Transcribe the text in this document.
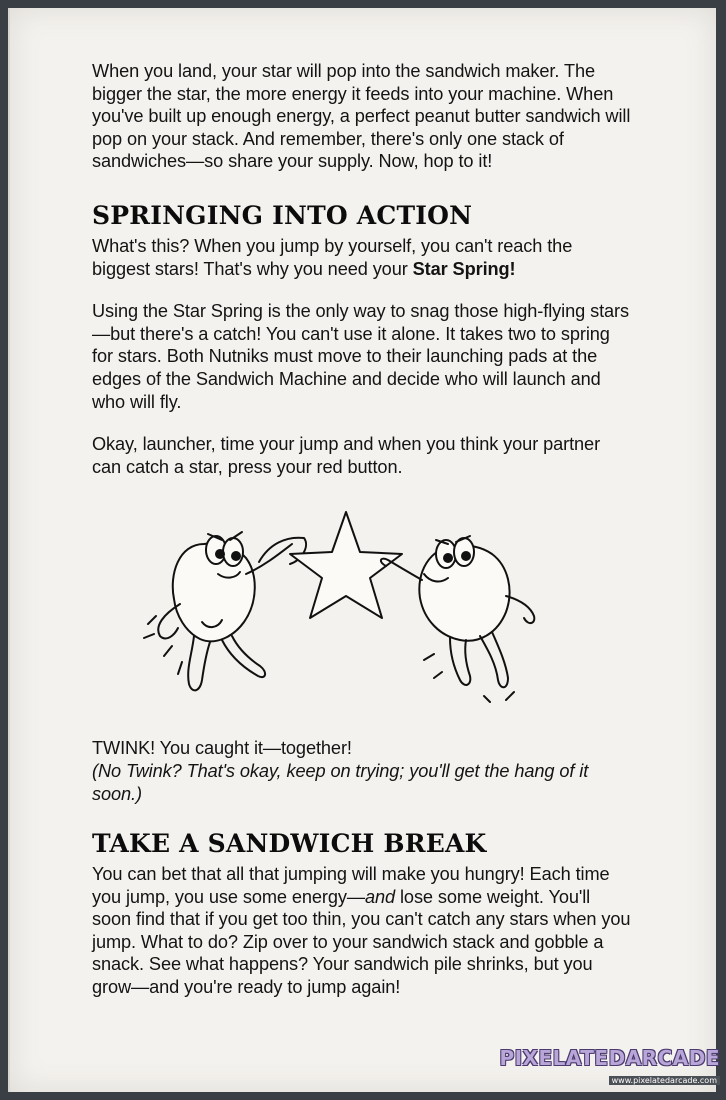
When you land, your star will pop into the sandwich maker. The bigger the star, the more energy it feeds into your machine. When you've built up enough energy, a perfect peanut butter sandwich will pop on your stack. And remember, there's only one stack of sandwiches—so share your supply. Now, hop to it!

SPRINGING INTO ACTION

What's this? When you jump by yourself, you can't reach the biggest stars! That's why you need your Star Spring!

Using the Star Spring is the only way to snag those high-flying stars—but there's a catch! You can't use it alone. It takes two to spring for stars. Both Nutniks must move to their launching pads at the edges of the Sandwich Machine and decide who will launch and who will fly.

Okay, launcher, time your jump and when you think your partner can catch a star, press your red button.

TWINK! You caught it—together!

(No Twink? That's okay, keep on trying; you'll get the hang of it soon.)

TAKE A SANDWICH BREAK

You can bet that all that jumping will make you hungry! Each time you jump, you use some energy—and lose some weight. You'll soon find that if you get too thin, you can't catch any stars when you jump. What to do? Zip over to your sandwich stack and gobble a snack. See what happens? Your sandwich pile shrinks, but you grow—and you're ready to jump again!

PIXELATEDARCADE
www.pixelatedarcade.com
